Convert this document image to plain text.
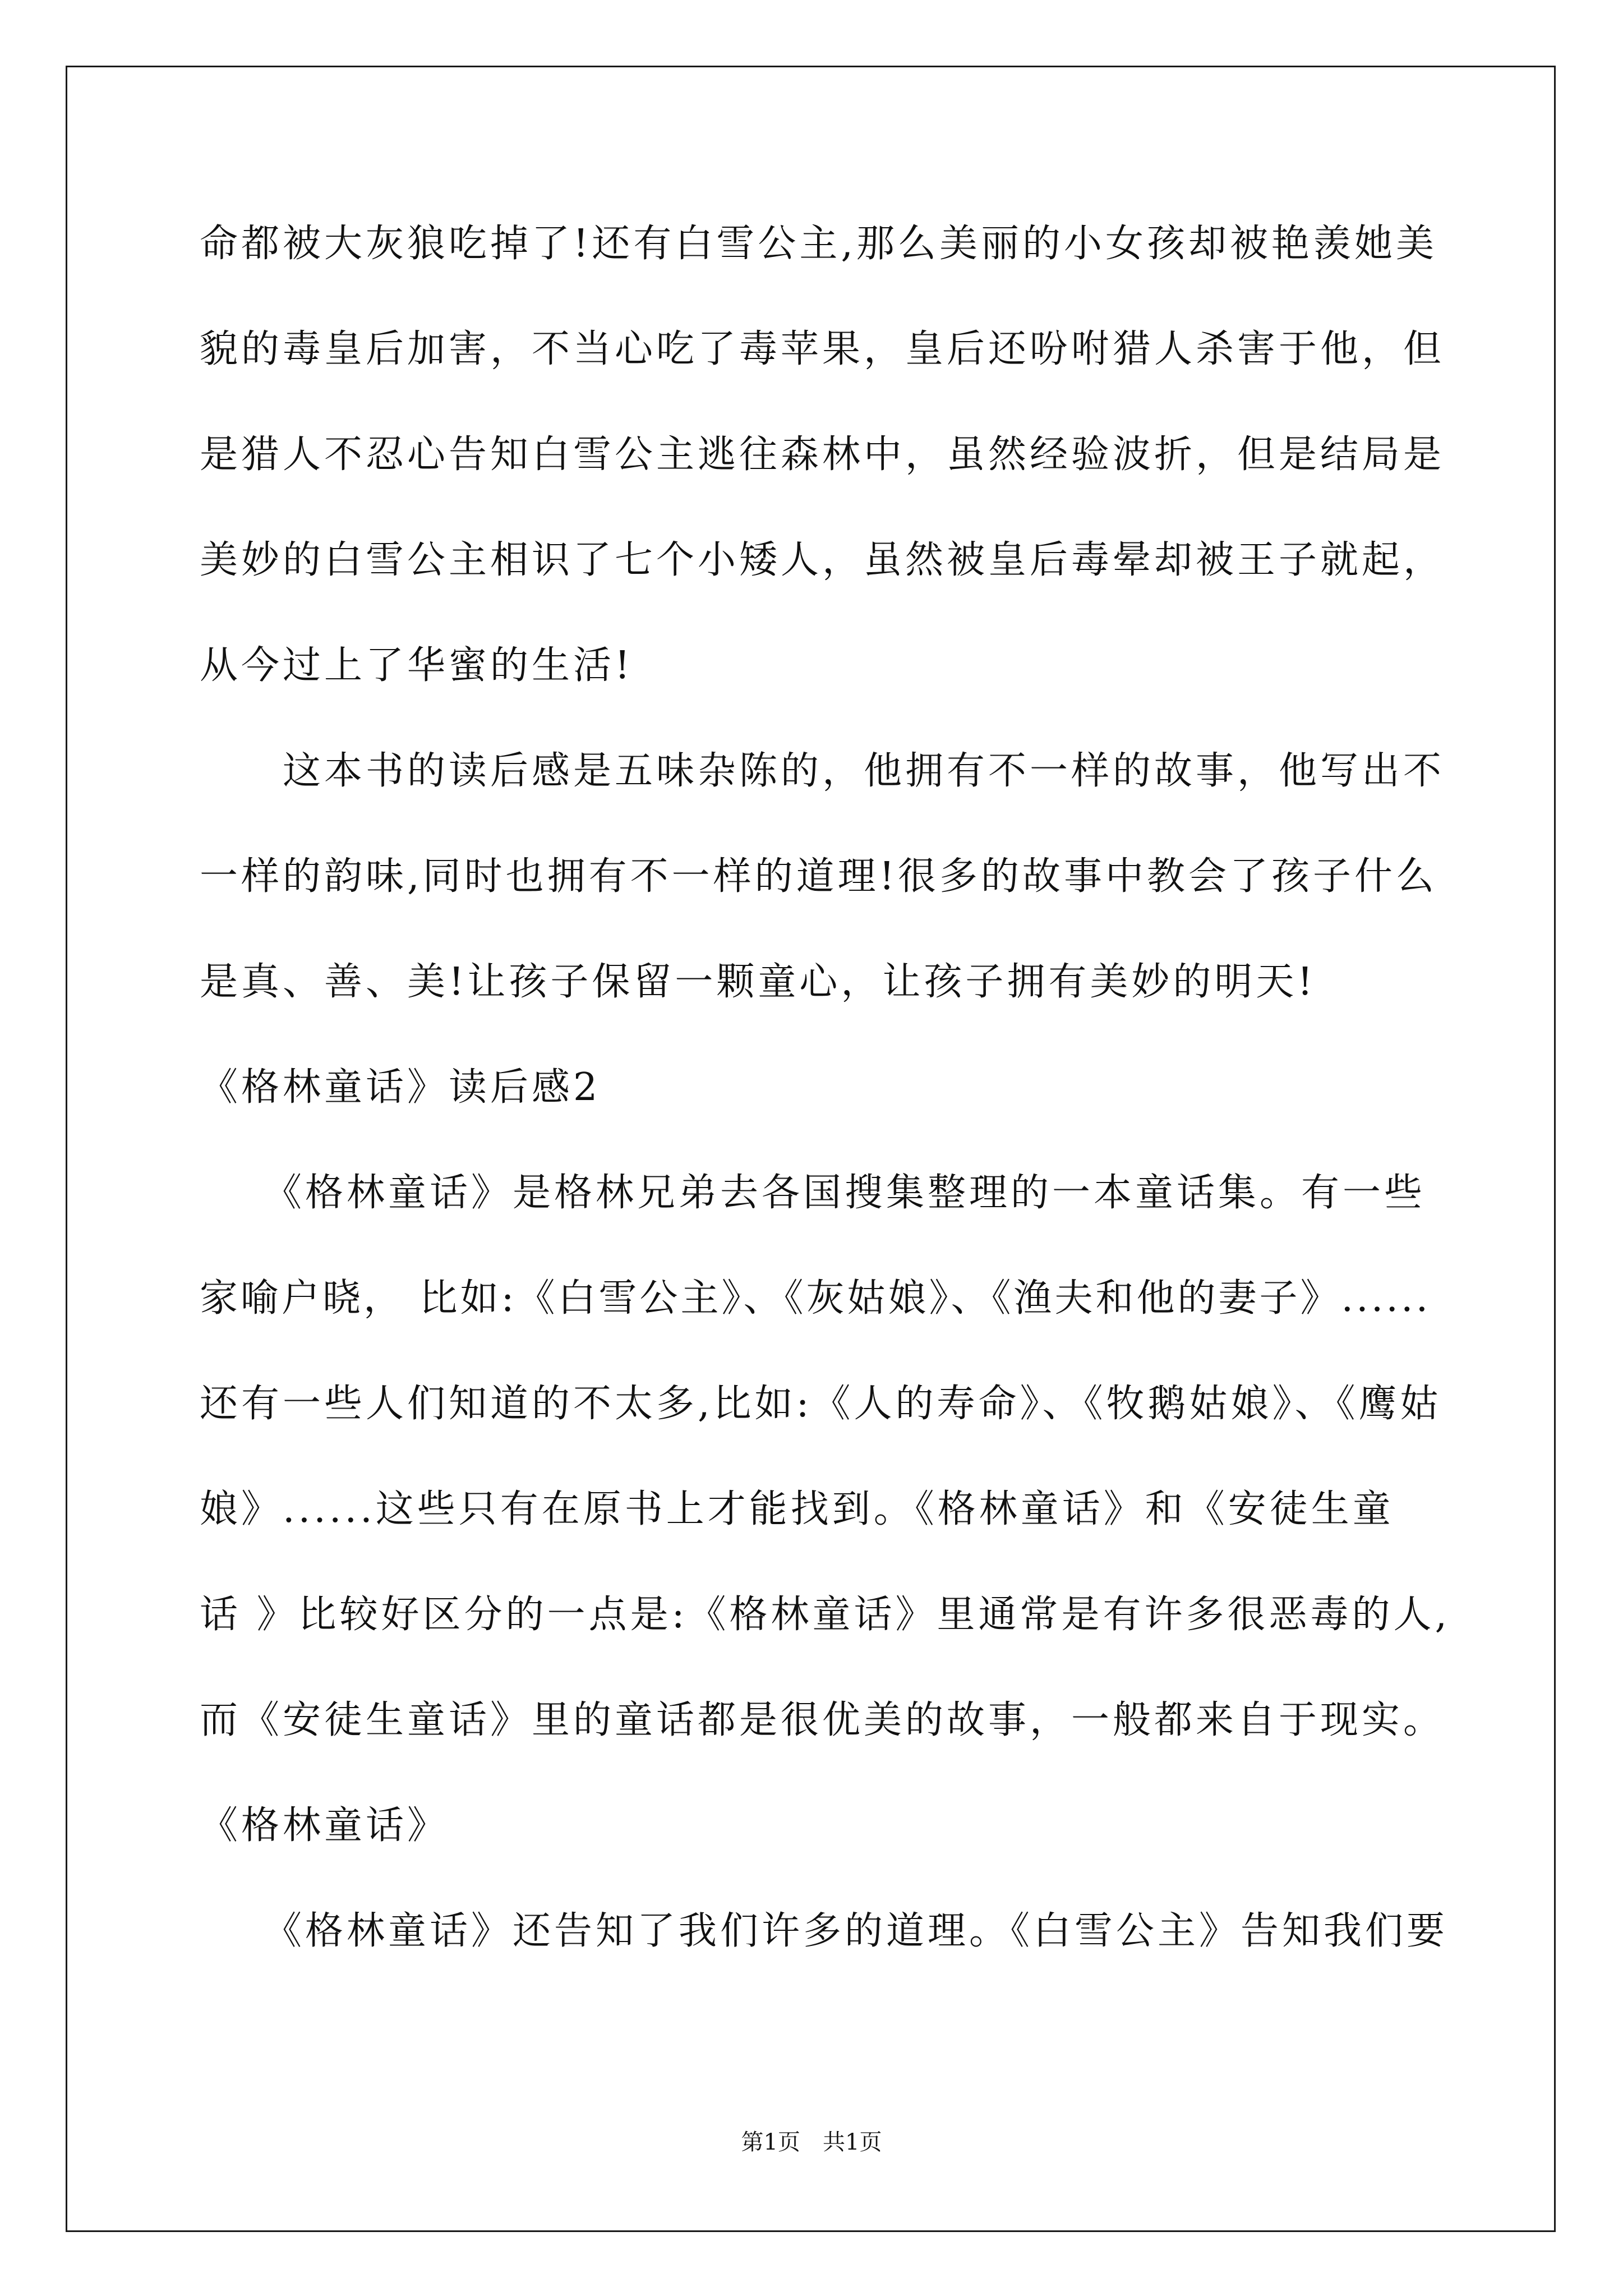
命都被大灰狼吃掉了!还有白雪公主,那么美丽的小女孩却被艳羡她美
貌的毒皇后加害，不当心吃了毒苹果，皇后还吩咐猎人杀害于他，但
是猎人不忍心告知白雪公主逃往森林中，虽然经验波折，但是结局是
美妙的白雪公主相识了七个小矮人，虽然被皇后毒晕却被王子就起，
从今过上了华蜜的生活!
　　这本书的读后感是五味杂陈的，他拥有不一样的故事，他写出不
一样的韵味,同时也拥有不一样的道理!很多的故事中教会了孩子什么
是真、善、美!让孩子保留一颗童心，让孩子拥有美妙的明天!
《格林童话》读后感2
　　《格林童话》是格林兄弟去各国搜集整理的一本童话集。有一些
家喻户晓， 比如:《白雪公主》、《灰姑娘》、《渔夫和他的妻子》......
还有一些人们知道的不太多,比如:《人的寿命》、《牧鹅姑娘》、《鹰姑
娘》......这些只有在原书上才能找到。《格林童话》和《安徒生童
话 》比较好区分的一点是:《格林童话》里通常是有许多很恶毒的人,
而《安徒生童话》里的童话都是很优美的故事，一般都来自于现实。
《格林童话》
　　《格林童话》还告知了我们许多的道理。《白雪公主》告知我们要
第1页　共1页
